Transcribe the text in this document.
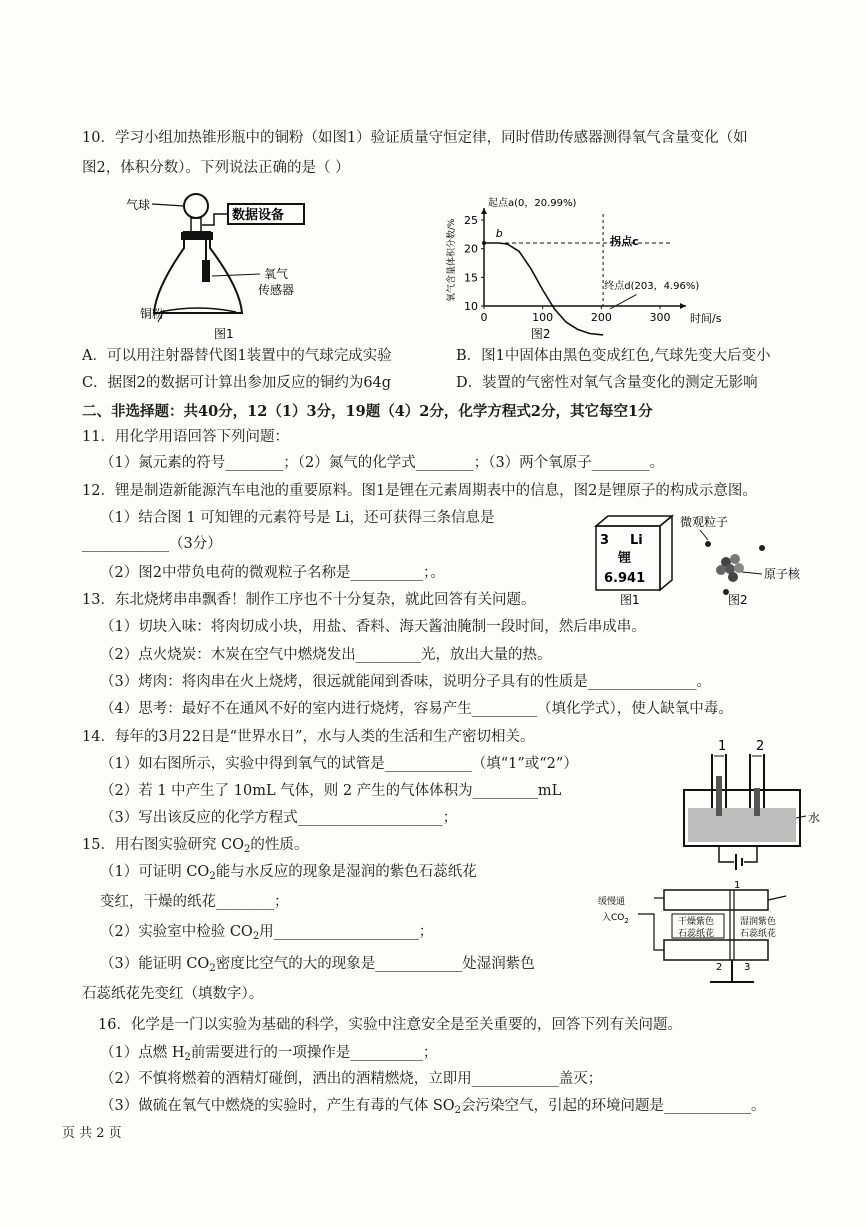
10．学习小组加热锥形瓶中的铜粉（如图1）验证质量守恒定律，同时借助传感器测得氧气含量变化（如
图2，体积分数）。下列说法正确的是（ ）
气球
数据设备
氧气
传感器
铜粉
图1
10
15
20
25
0	100	200	300 时间/s
氧气含量体积分数/%
起点a(0，20.99%)
b
拐点c
终点d(203，4.96%)
图2
A．可以用注射器替代图1装置中的气球完成实验	B．图1中固体由黑色变成红色,气球先变大后变小
C．据图2的数据可计算出参加反应的铜约为64g	D．装置的气密性对氧气含量变化的测定无影响
二、非选择题：共40分，12（1）3分，19题（4）2分，化学方程式2分，其它每空1分
11．用化学用语回答下列问题：
（1）氮元素的符号________；（2）氮气的化学式________；（3）两个氧原子________。
12．锂是制造新能源汽车电池的重要原料。图1是锂在元素周期表中的信息，图2是锂原子的构成示意图。
（1）结合图 1 可知锂的元素符号是 Li，还可获得三条信息是
____________（3分）
（2）图2中带负电荷的微观粒子名称是__________；。
3 Li
锂
6.941
图1
微观粒子
原子核
图2
13．东北烧烤串串飘香！制作工序也不十分复杂，就此回答有关问题。
（1）切块入味：将肉切成小块，用盐、香料、海天酱油腌制一段时间，然后串成串。
（2）点火烧炭：木炭在空气中燃烧发出_________光，放出大量的热。
（3）烤肉：将肉串在火上烧烤，很远就能闻到香味，说明分子具有的性质是_______________。
（4）思考：最好不在通风不好的室内进行烧烤，容易产生_________（填化学式），使人缺氧中毒。
14．每年的3月22日是“世界水日”，水与人类的生活和生产密切相关。
（1）如右图所示，实验中得到氧气的试管是____________（填“1”或“2”）
（2）若 1 中产生了 10mL 气体，则 2 产生的气体体积为_________mL
（3）写出该反应的化学方程式____________________；
1 2
水
15．用右图实验研究 $CO_2$的性质。
（1）可证明 $CO_2$能与水反应的现象是湿润的紫色石蕊纸花
变红，干燥的纸花________；
（2）实验室中检验 $CO_2$用____________________；
（3）能证明 $CO_2$密度比空气的大的现象是____________处湿润紫色
石蕊纸花先变红（填数字）。
缓慢通
入$CO_2$	干燥紫色
石蕊纸花
湿润紫色
石蕊纸花
1
2 3
16．化学是一门以实验为基础的科学，实验中注意安全是至关重要的，回答下列有关问题。
（1）点燃 $H_2$前需要进行的一项操作是__________；
（2）不慎将燃着的酒精灯碰倒，洒出的酒精燃烧，立即用____________盖灭；
（3）做硫在氧气中燃烧的实验时，产生有毒的气体 $SO_2$会污染空气，引起的环境问题是____________。
页 共 2 页
